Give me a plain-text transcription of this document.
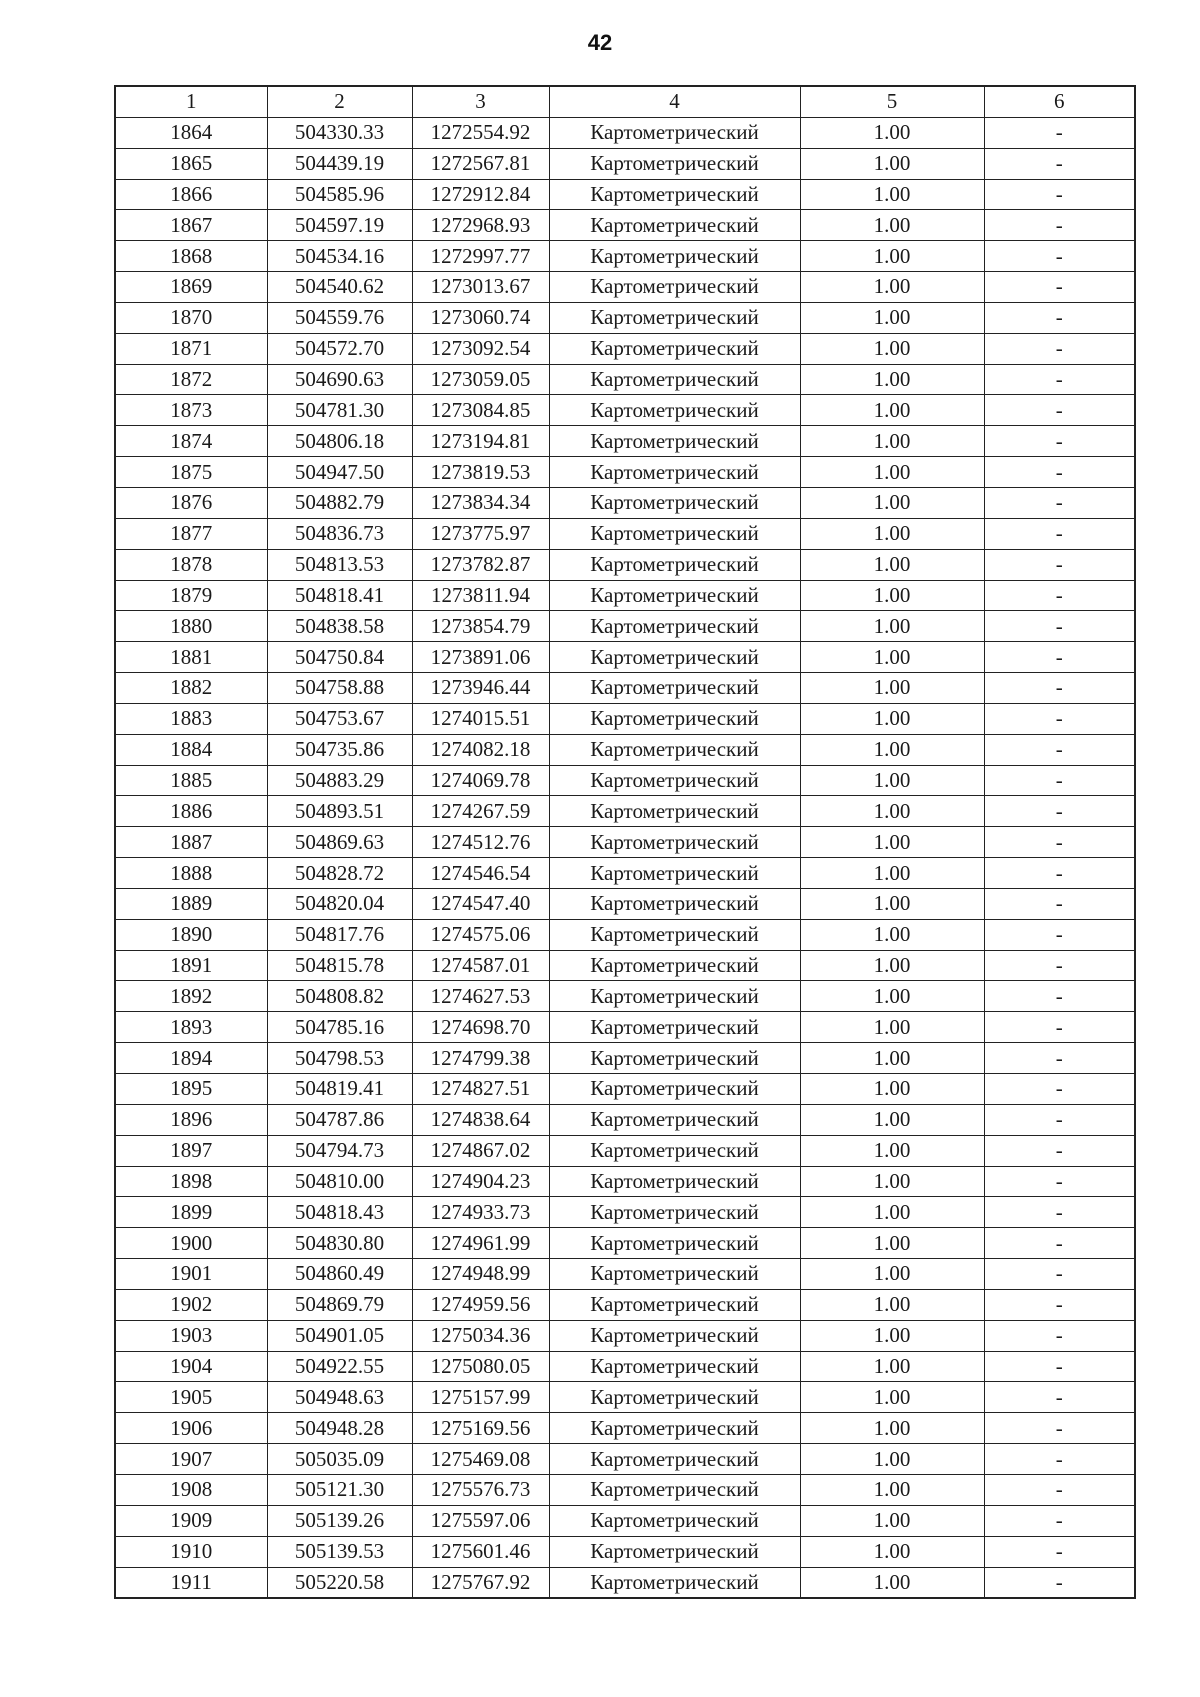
42
1	2	3	4	5	6
1864	504330.33	1272554.92	Картометрический	1.00	-
1865	504439.19	1272567.81	Картометрический	1.00	-
1866	504585.96	1272912.84	Картометрический	1.00	-
1867	504597.19	1272968.93	Картометрический	1.00	-
1868	504534.16	1272997.77	Картометрический	1.00	-
1869	504540.62	1273013.67	Картометрический	1.00	-
1870	504559.76	1273060.74	Картометрический	1.00	-
1871	504572.70	1273092.54	Картометрический	1.00	-
1872	504690.63	1273059.05	Картометрический	1.00	-
1873	504781.30	1273084.85	Картометрический	1.00	-
1874	504806.18	1273194.81	Картометрический	1.00	-
1875	504947.50	1273819.53	Картометрический	1.00	-
1876	504882.79	1273834.34	Картометрический	1.00	-
1877	504836.73	1273775.97	Картометрический	1.00	-
1878	504813.53	1273782.87	Картометрический	1.00	-
1879	504818.41	1273811.94	Картометрический	1.00	-
1880	504838.58	1273854.79	Картометрический	1.00	-
1881	504750.84	1273891.06	Картометрический	1.00	-
1882	504758.88	1273946.44	Картометрический	1.00	-
1883	504753.67	1274015.51	Картометрический	1.00	-
1884	504735.86	1274082.18	Картометрический	1.00	-
1885	504883.29	1274069.78	Картометрический	1.00	-
1886	504893.51	1274267.59	Картометрический	1.00	-
1887	504869.63	1274512.76	Картометрический	1.00	-
1888	504828.72	1274546.54	Картометрический	1.00	-
1889	504820.04	1274547.40	Картометрический	1.00	-
1890	504817.76	1274575.06	Картометрический	1.00	-
1891	504815.78	1274587.01	Картометрический	1.00	-
1892	504808.82	1274627.53	Картометрический	1.00	-
1893	504785.16	1274698.70	Картометрический	1.00	-
1894	504798.53	1274799.38	Картометрический	1.00	-
1895	504819.41	1274827.51	Картометрический	1.00	-
1896	504787.86	1274838.64	Картометрический	1.00	-
1897	504794.73	1274867.02	Картометрический	1.00	-
1898	504810.00	1274904.23	Картометрический	1.00	-
1899	504818.43	1274933.73	Картометрический	1.00	-
1900	504830.80	1274961.99	Картометрический	1.00	-
1901	504860.49	1274948.99	Картометрический	1.00	-
1902	504869.79	1274959.56	Картометрический	1.00	-
1903	504901.05	1275034.36	Картометрический	1.00	-
1904	504922.55	1275080.05	Картометрический	1.00	-
1905	504948.63	1275157.99	Картометрический	1.00	-
1906	504948.28	1275169.56	Картометрический	1.00	-
1907	505035.09	1275469.08	Картометрический	1.00	-
1908	505121.30	1275576.73	Картометрический	1.00	-
1909	505139.26	1275597.06	Картометрический	1.00	-
1910	505139.53	1275601.46	Картометрический	1.00	-
1911	505220.58	1275767.92	Картометрический	1.00	-
